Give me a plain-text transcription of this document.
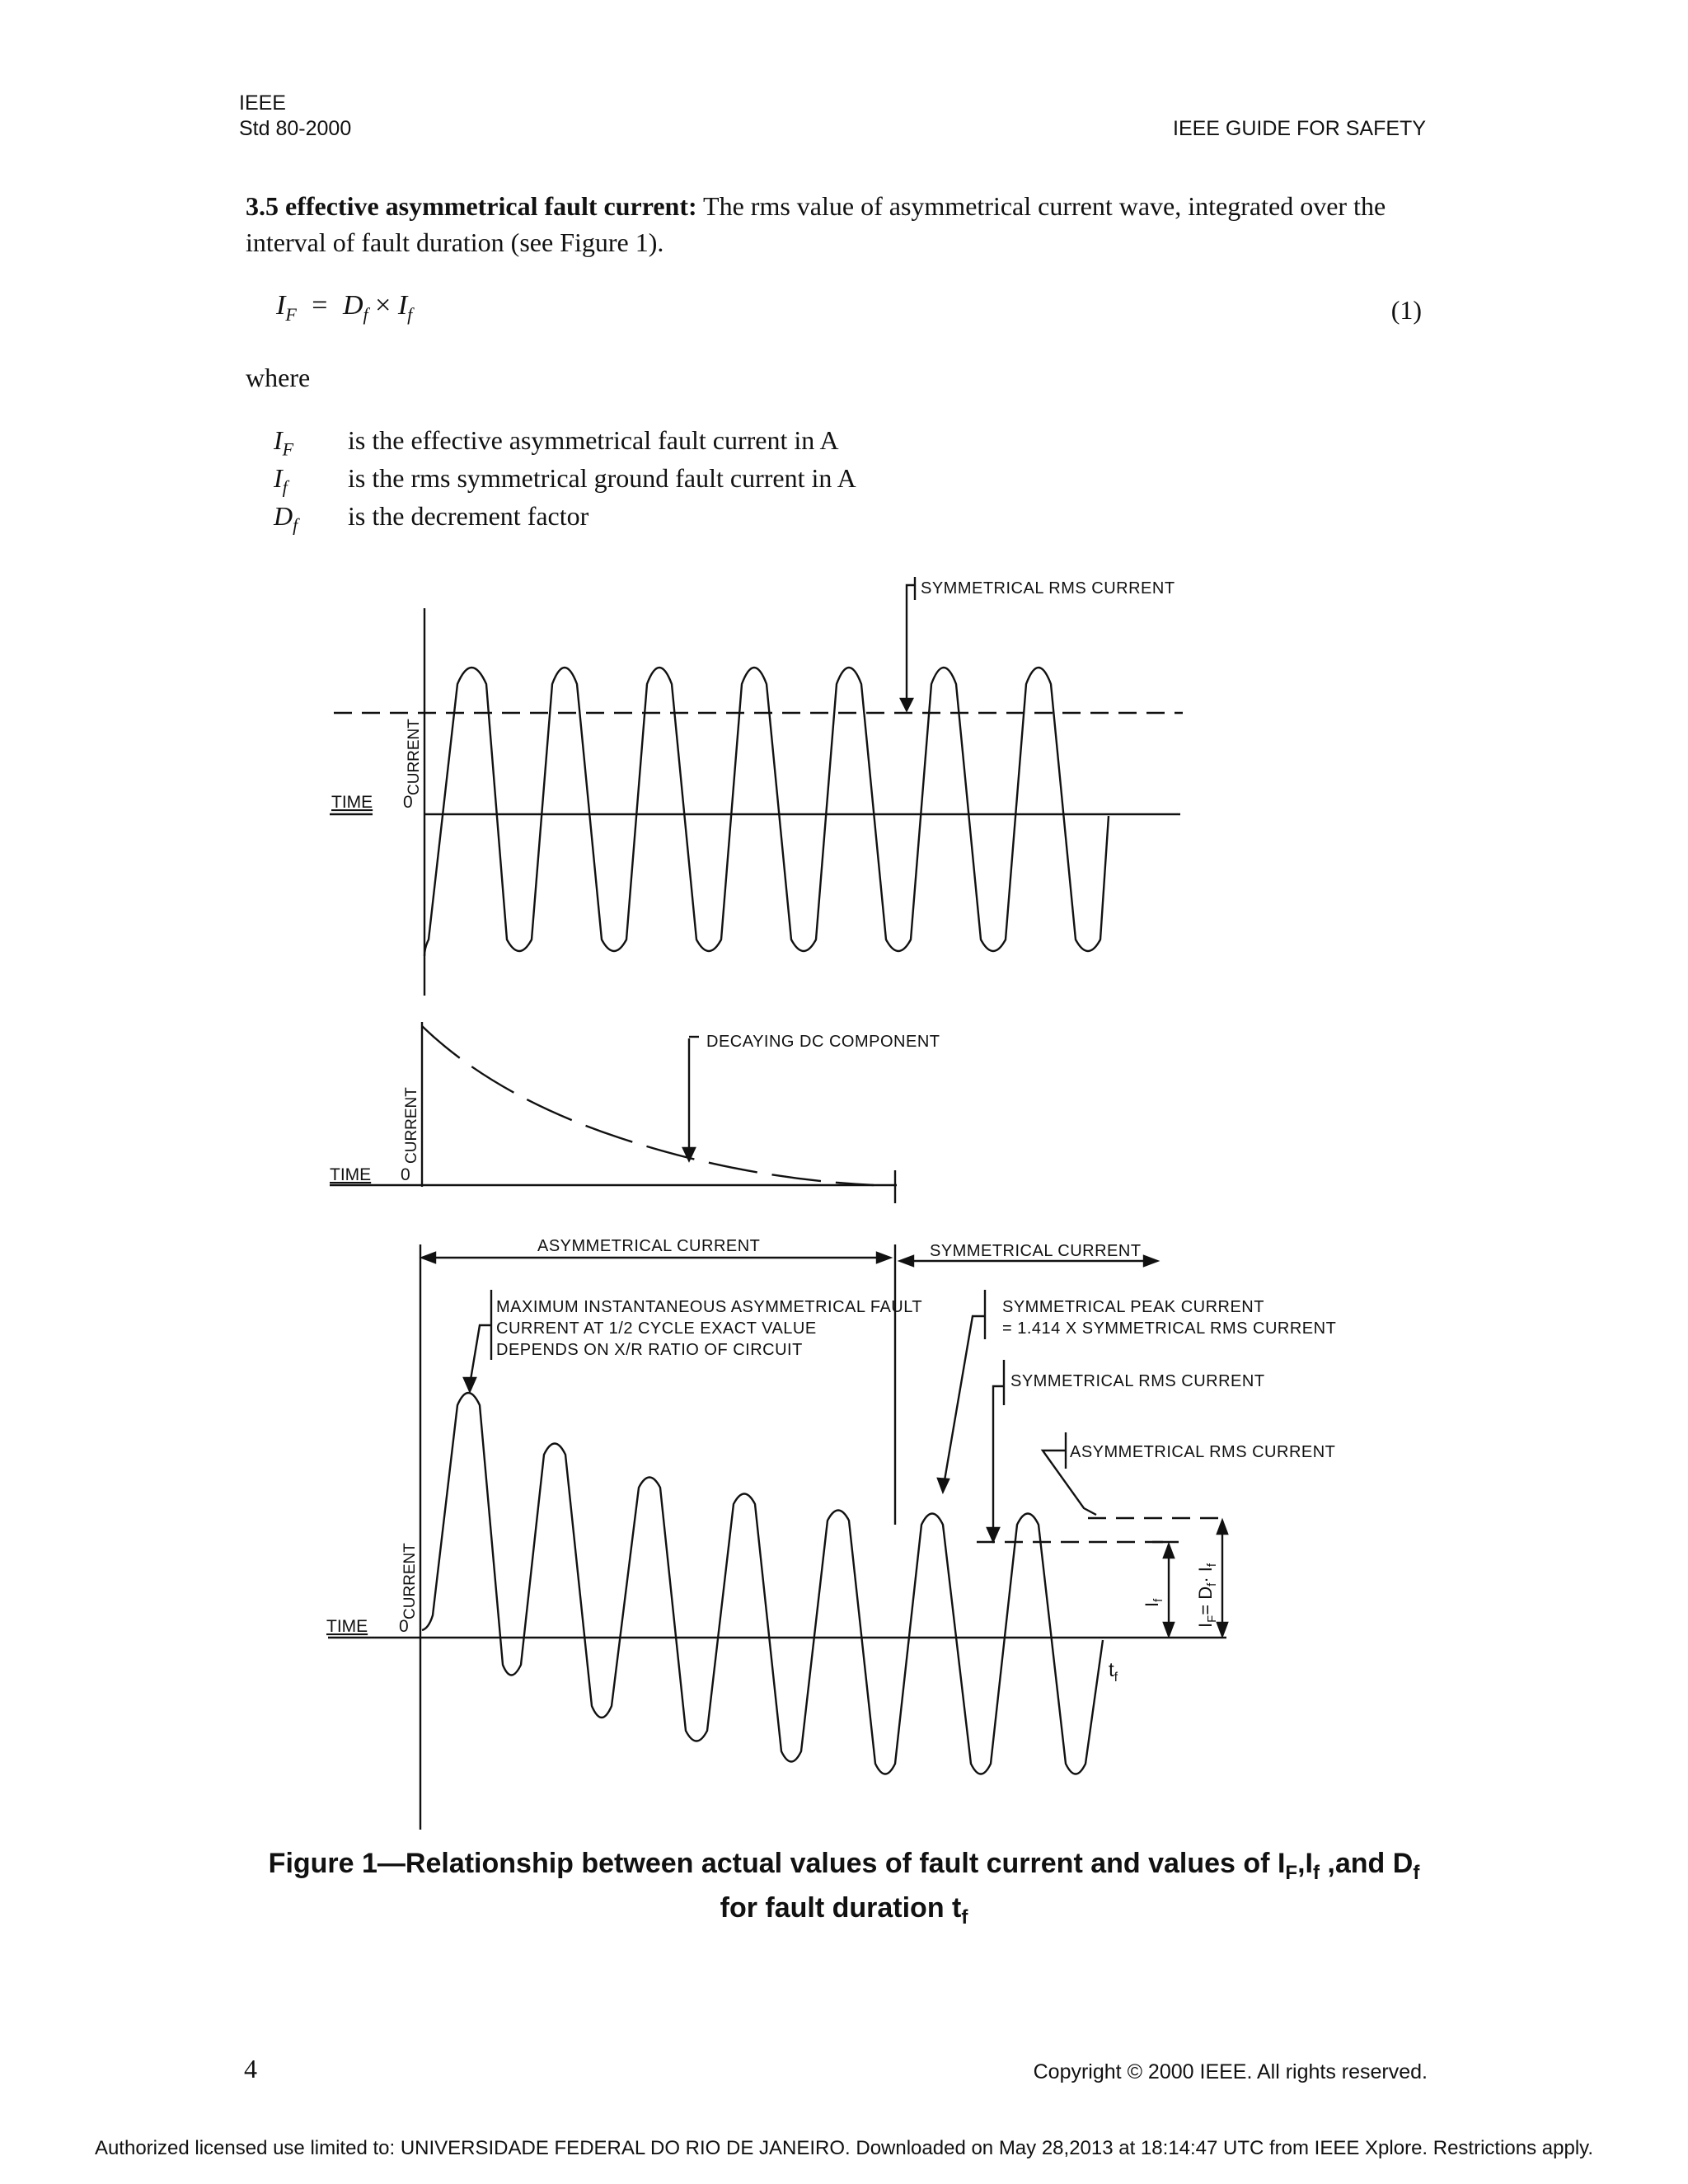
IEEE
Std 80-2000	IEEE GUIDE FOR SAFETY
3.5 effective asymmetrical fault current: The rms value of asymmetrical current wave, integrated over the
interval of fault duration (see Figure 1).
$I_F = D_f \times I_f$	(1)
where
$I_F$ is the effective asymmetrical fault current in A
$I_f$ is the rms symmetrical ground fault current in A
$D_f$ is the decrement factor
SYMMETRICAL RMS CURRENT
TIME 0
CURRENT
DECAYING DC COMPONENT
TIME 0
CURRENT
ASYMMETRICAL CURRENT	SYMMETRICAL CURRENT
MAXIMUM INSTANTANEOUS ASYMMETRICAL FAULT
CURRENT AT 1/2 CYCLE EXACT VALUE
DEPENDS ON X/R RATIO OF CIRCUIT
SYMMETRICAL PEAK CURRENT
= 1.414 X SYMMETRICAL RMS CURRENT
SYMMETRICAL RMS CURRENT
ASYMMETRICAL RMS CURRENT
TIME 0
CURRENT
$t_f$
$I_f$
$I_F= D_f\cdot I_f$
Figure 1—Relationship between actual values of fault current and values of $I_F,I_f$ ,and $D_f$
for fault duration $t_f$
4	Copyright © 2000 IEEE. All rights reserved.
Authorized licensed use limited to: UNIVERSIDADE FEDERAL DO RIO DE JANEIRO. Downloaded on May 28,2013 at 18:14:47 UTC from IEEE Xplore. Restrictions apply.
